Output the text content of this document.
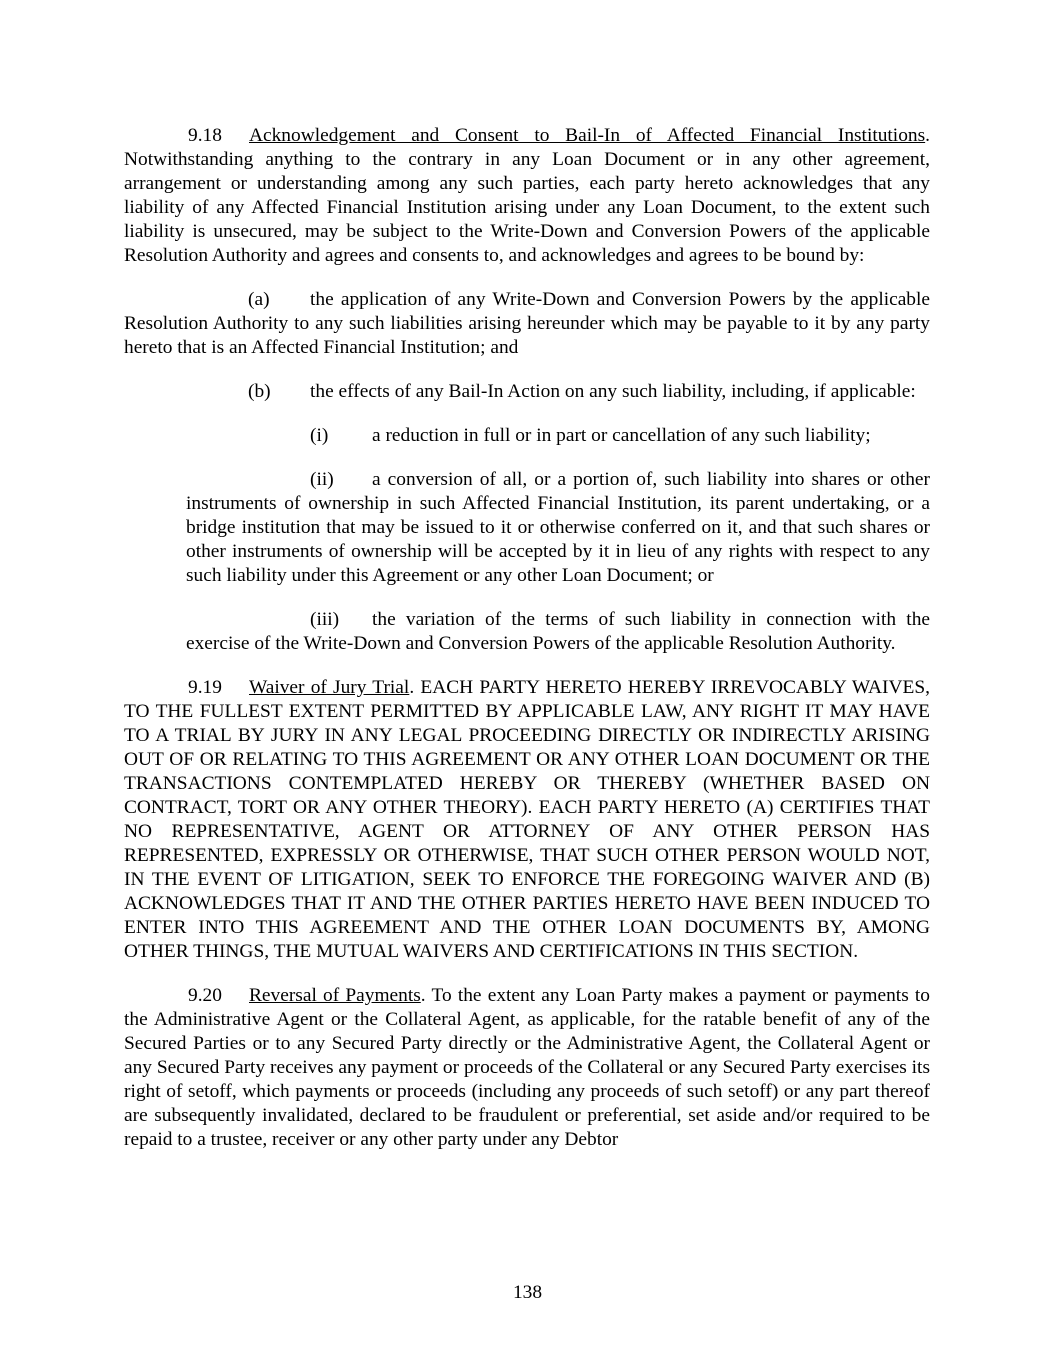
9.18 Acknowledgement and Consent to Bail-In of Affected Financial Institutions. Notwithstanding anything to the contrary in any Loan Document or in any other agreement, arrangement or understanding among any such parties, each party hereto acknowledges that any liability of any Affected Financial Institution arising under any Loan Document, to the extent such liability is unsecured, may be subject to the Write-Down and Conversion Powers of the applicable Resolution Authority and agrees and consents to, and acknowledges and agrees to be bound by:

(a) the application of any Write-Down and Conversion Powers by the applicable Resolution Authority to any such liabilities arising hereunder which may be payable to it by any party hereto that is an Affected Financial Institution; and

(b) the effects of any Bail-In Action on any such liability, including, if applicable:

(i) a reduction in full or in part or cancellation of any such liability;

(ii) a conversion of all, or a portion of, such liability into shares or other instruments of ownership in such Affected Financial Institution, its parent undertaking, or a bridge institution that may be issued to it or otherwise conferred on it, and that such shares or other instruments of ownership will be accepted by it in lieu of any rights with respect to any such liability under this Agreement or any other Loan Document; or

(iii) the variation of the terms of such liability in connection with the exercise of the Write-Down and Conversion Powers of the applicable Resolution Authority.

9.19 Waiver of Jury Trial. EACH PARTY HERETO HEREBY IRREVOCABLY WAIVES, TO THE FULLEST EXTENT PERMITTED BY APPLICABLE LAW, ANY RIGHT IT MAY HAVE TO A TRIAL BY JURY IN ANY LEGAL PROCEEDING DIRECTLY OR INDIRECTLY ARISING OUT OF OR RELATING TO THIS AGREEMENT OR ANY OTHER LOAN DOCUMENT OR THE TRANSACTIONS CONTEMPLATED HEREBY OR THEREBY (WHETHER BASED ON CONTRACT, TORT OR ANY OTHER THEORY). EACH PARTY HERETO (A) CERTIFIES THAT NO REPRESENTATIVE, AGENT OR ATTORNEY OF ANY OTHER PERSON HAS REPRESENTED, EXPRESSLY OR OTHERWISE, THAT SUCH OTHER PERSON WOULD NOT, IN THE EVENT OF LITIGATION, SEEK TO ENFORCE THE FOREGOING WAIVER AND (B) ACKNOWLEDGES THAT IT AND THE OTHER PARTIES HERETO HAVE BEEN INDUCED TO ENTER INTO THIS AGREEMENT AND THE OTHER LOAN DOCUMENTS BY, AMONG OTHER THINGS, THE MUTUAL WAIVERS AND CERTIFICATIONS IN THIS SECTION.

9.20 Reversal of Payments. To the extent any Loan Party makes a payment or payments to the Administrative Agent or the Collateral Agent, as applicable, for the ratable benefit of any of the Secured Parties or to any Secured Party directly or the Administrative Agent, the Collateral Agent or any Secured Party receives any payment or proceeds of the Collateral or any Secured Party exercises its right of setoff, which payments or proceeds (including any proceeds of such setoff) or any part thereof are subsequently invalidated, declared to be fraudulent or preferential, set aside and/or required to be repaid to a trustee, receiver or any other party under any Debtor

138
